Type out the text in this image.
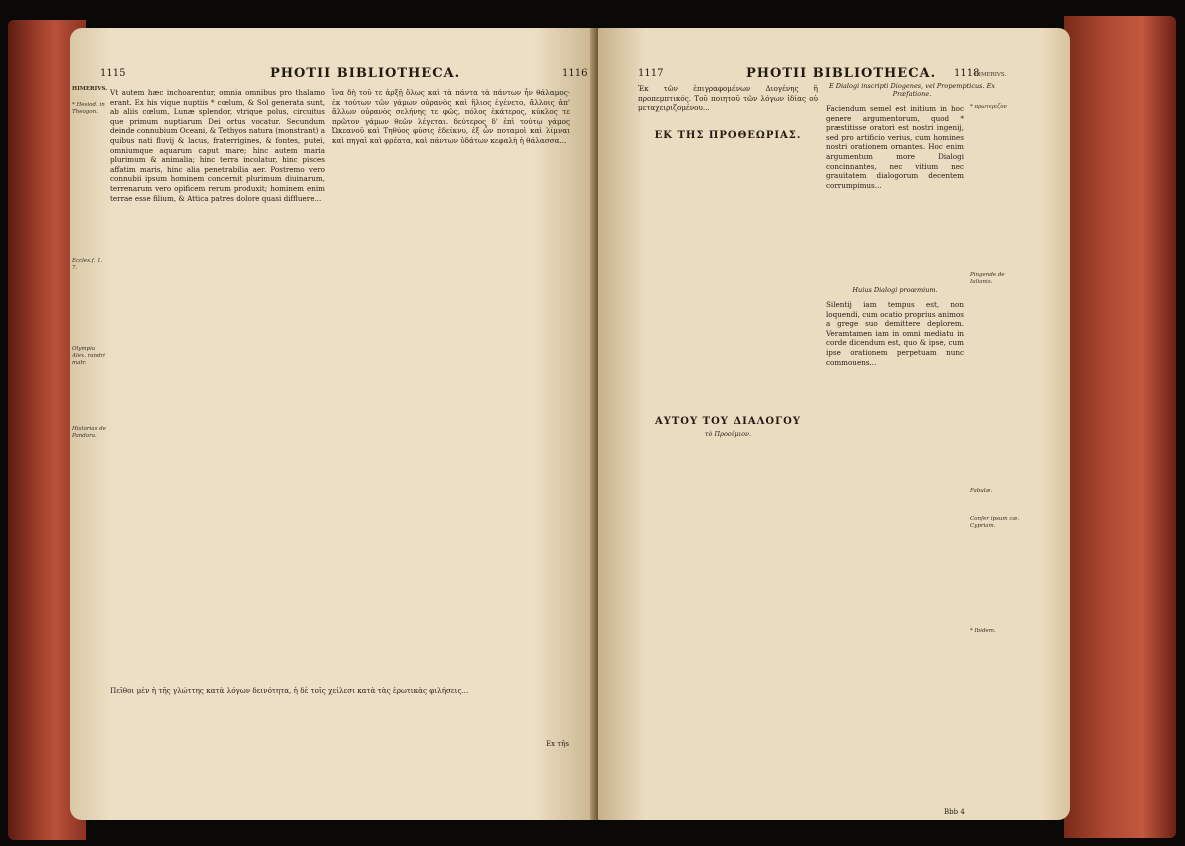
1115	PHOTII BIBLIOTHECA.	1116
HIMERIVS.
* Hesiod. in Theogon.
Eccles.f. 1. 7.
Olympia Alex. randri matr.
Historias de Pandora.

Vt autem hæc inchoarentur, omnia omnibus pro thalamo erant. Ex his vique nuptiis * cœlum, & Sol generata sunt, ab aliis cœlum, Lunæ splendor, vtrique polus, circuitus que primum nuptiarum Dei ortus vocatur. Secundum deinde connubium Oceani, & Tethyos natura (monstrant) a quibus nati fluvij & lacus, fraterrigines, & fontes, puteì, omniumque aquarum caput mare; hinc autem maria plurimum & animalia; hinc terra incolatur, hinc pisces affatim maris, hinc alia penetrabilia aer. Postremo vero connubii ipsum hominem concernit plurimum diuinarum, terrenarum vero opificem rerum produxit; hominem enim terrae esse filium, & Attica patres dolore quasi diffluere...

ἵνα δὴ τοῦ τε ἀρξῇ ὅλως καὶ τὰ πάντα τὰ πάντων ἦν θάλαμος· ἐκ τούτων τῶν γάμων οὐρανὸς καὶ ἥλιος ἐγένετο, ἄλλοις ἀπ' ἄλλων οὐρανὸς σελήνης τε φῶς, πόλος ἑκάτερος, κύκλος τε πρῶτον γάμων θεῶν λέγεται. δεύτερος δ' ἐπὶ τούτῳ γάμος Ὠκεανοῦ καὶ Τηθύος φύσις ἐδείκνυ, ἐξ ὧν ποταμοὶ καὶ λίμναι καὶ πηγαὶ καὶ φρέατα, καὶ πάντων ὑδάτων κεφαλὴ ἡ θάλασσα...

Πεῖθοι μὲν ἡ τῆς γλώττης κατὰ λόγων δεινότητα, ἡ δὲ τοῖς χείλεσι κατὰ τὰς ἐρωτικὰς φιλήσεις...

Ex τῆs
1117	PHOTII BIBLIOTHECA. 1118
ΕΚ ΤΗΣ ΠΡΟΘΕΩΡΙΑΣ.

Ἐκ τῶν ἐπιγραφομένων Διογένης ἢ προπεμπτικός. Τοῦ ποιητοῦ τῶν λόγων ἰδίας οὐ μεταχειριζομένου...

ΑΥΤΟΥ ΤΟΥ ΔΙΑΛΟΓΟΥ
τὸ Προοίμιον.
E Dialogi inscripti Diogenes, vel Propempticus. Ex Præfatione.

Faciendum semel est initium in hoc genere argumentorum, quod * præstitisse oratori est nostri ingenij, sed pro artificio verius, cum homines nostri orationem ornantes. Hoc enim argumentum more Dialogi concinnantes, nec vitium nec grauitatem dialogorum decentem corrumpimus...

Huius Dialogi proœmium.

Silentij iam tempus est, non loquendi, cum ocatio proprius animos a grege suo demittere deplorem. Veramtamen iam in omni mediatu in corde dicendum est, quo & ipse, cum ipse orationem perpetuam nunc commouens...

HIMERIVS.
* πρωτεριζον
Pingende de Iulianis.
Fabulæ.
Confer ipsum cæ. Cypriam.
* Ibidem.
Bbb 4
